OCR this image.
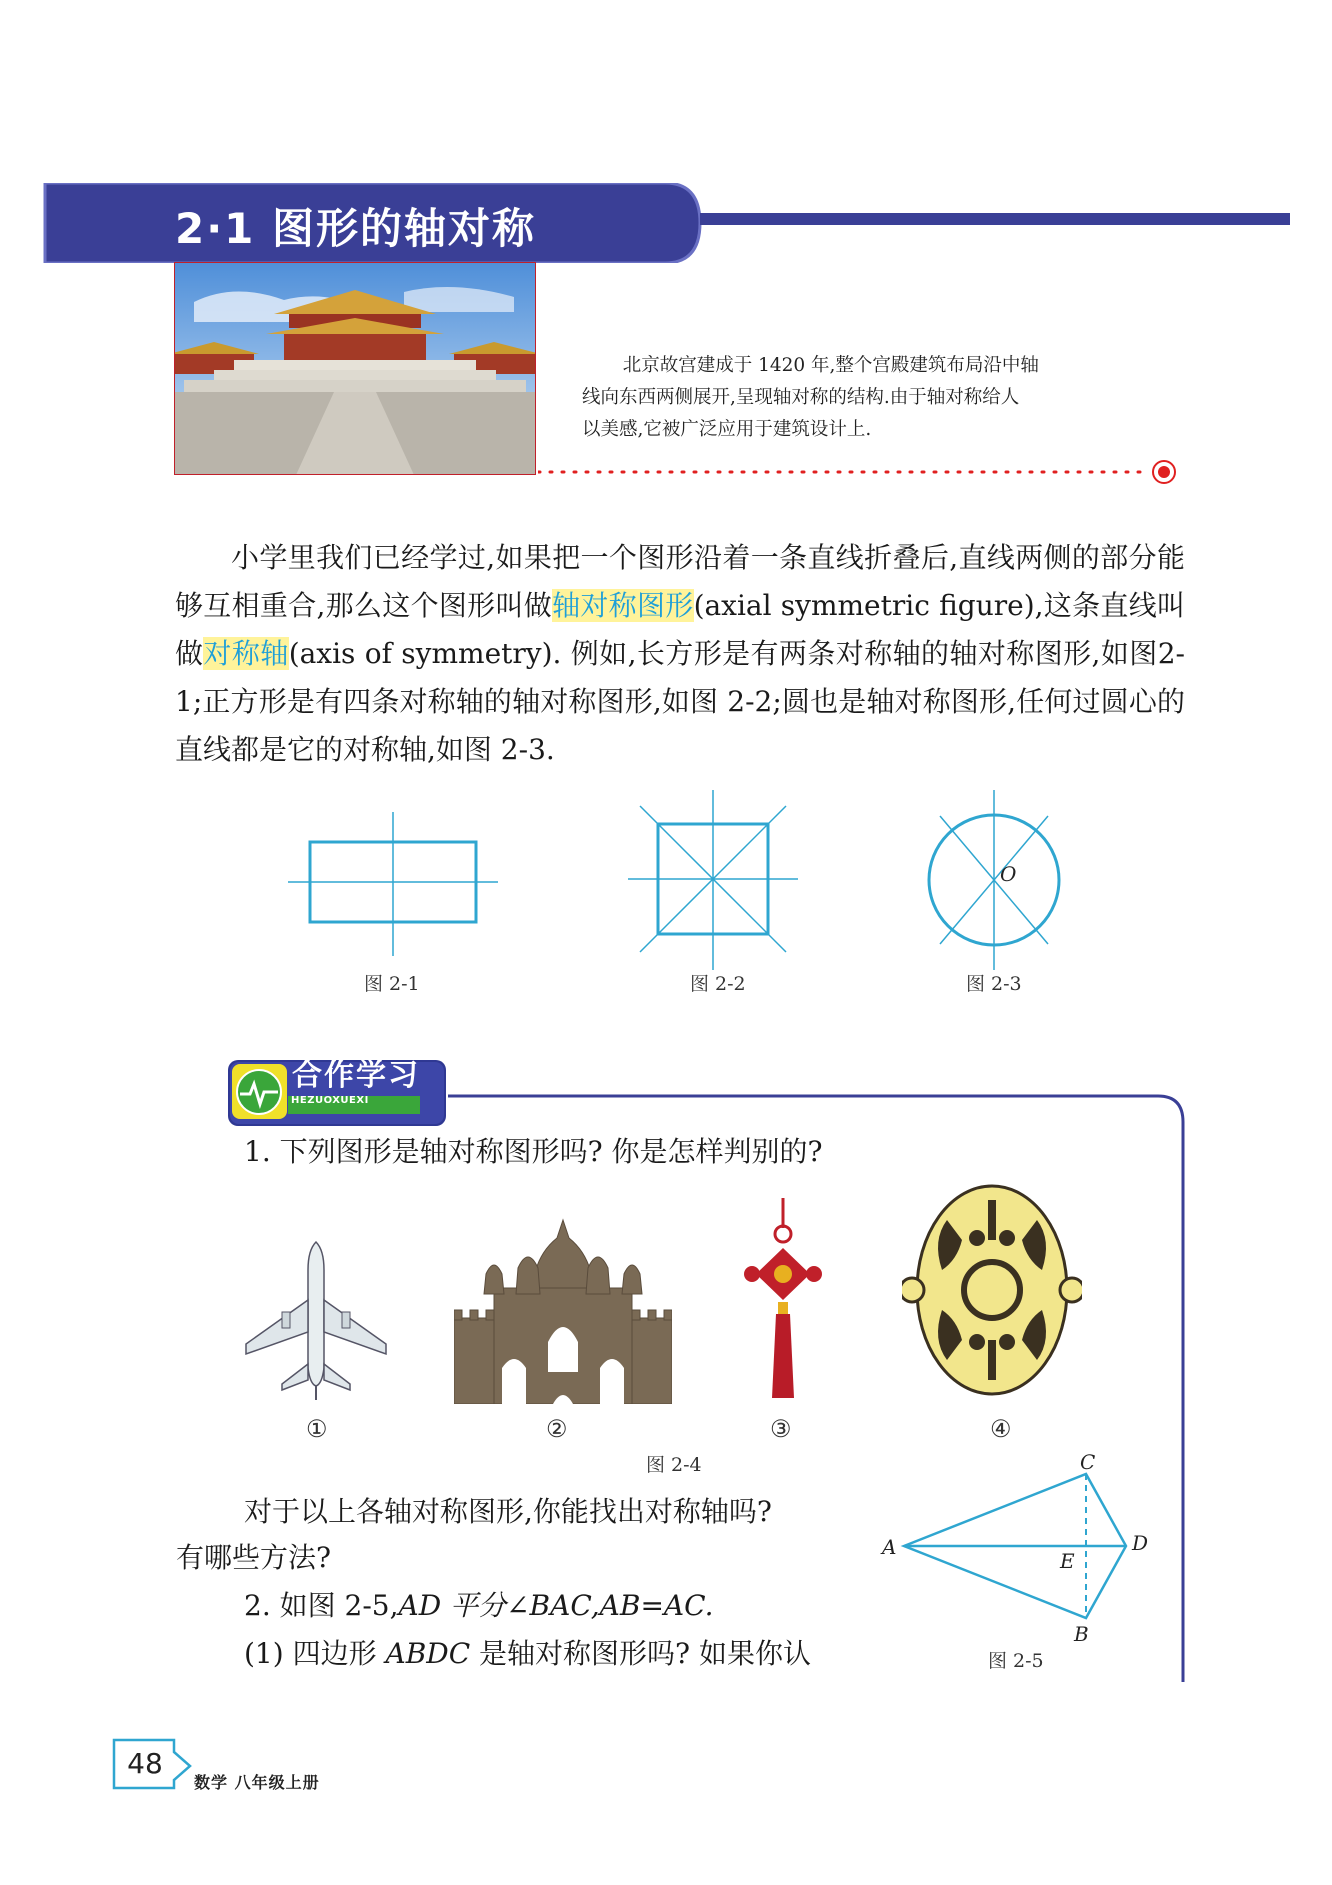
2·1 图形的轴对称
北京故宫建成于 1420 年,整个宫殿建筑布局沿中轴
线向东西两侧展开,呈现轴对称的结构.由于轴对称给人
以美感,它被广泛应用于建筑设计上.

小学里我们已经学过,如果把一个图形沿着一条直线折叠后,直线两侧的部分能够互相重合,那么这个图形叫做轴对称图形(axial symmetric figure),这条直线叫做对称轴(axis of symmetry). 例如,长方形是有两条对称轴的轴对称图形,如图2-1;正方形是有四条对称轴的轴对称图形,如图 2-2;圆也是轴对称图形,任何过圆心的直线都是它的对称轴,如图 2-3.

图 2-1	图 2-2
O
图 2-3
合作学习
HEZUOXUEXI
1. 下列图形是轴对称图形吗? 你是怎样判别的?
①	②	③	④
图 2-4
对于以上各轴对称图形,你能找出对称轴吗?
有哪些方法?
2. 如图 2-5,AD 平分∠BAC,AB=AC.
(1) 四边形 ABDC 是轴对称图形吗? 如果你认
A
C
D
E
B
图 2-5
48
数学 八年级上册
